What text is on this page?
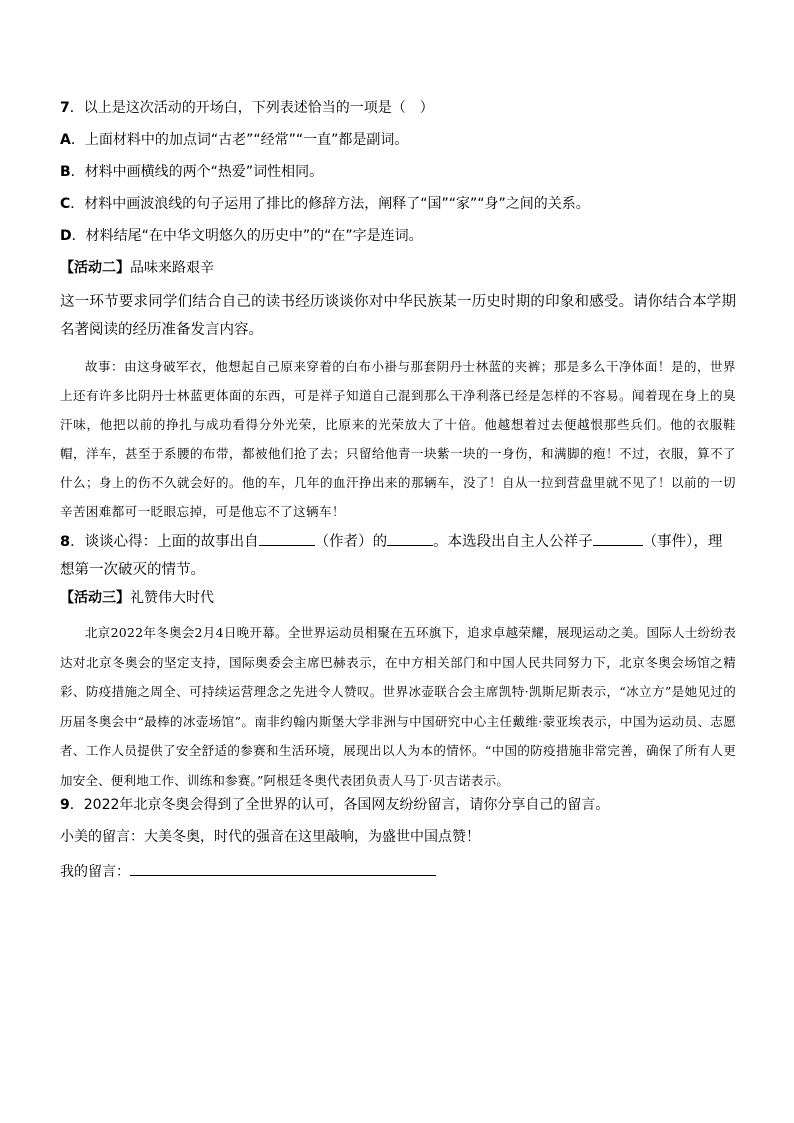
7．以上是这次活动的开场白，下列表述恰当的一项是（　）
A．上面材料中的加点词“古老”“经常”“一直”都是副词。
B．材料中画横线的两个“热爱”词性相同。
C．材料中画波浪线的句子运用了排比的修辞方法，阐释了“国”“家”“身”之间的关系。
D．材料结尾“在中华文明悠久的历史中”的“在”字是连词。
【活动二】品味来路艰辛
这一环节要求同学们结合自己的读书经历谈谈你对中华民族某一历史时期的印象和感受。请你结合本学期名著阅读的经历准备发言内容。
故事：由这身破军衣，他想起自己原来穿着的白布小褂与那套阴丹士林蓝的夹裤；那是多么干净体面！是的，世界上还有许多比阴丹士林蓝更体面的东西，可是祥子知道自己混到那么干净利落已经是怎样的不容易。闻着现在身上的臭汗味，他把以前的挣扎与成功看得分外光荣，比原来的光荣放大了十倍。他越想着过去便越恨那些兵们。他的衣服鞋帽，洋车，甚至于系腰的布带，都被他们抢了去；只留给他青一块紫一块的一身伤，和满脚的疱！不过，衣服，算不了什么；身上的伤不久就会好的。他的车，几年的血汗挣出来的那辆车，没了！自从一拉到营盘里就不见了！以前的一切辛苦困难都可一眨眼忘掉，可是他忘不了这辆车！
8．谈谈心得：上面的故事出自	（作者）的	。本选段出自主人公祥子	（事件），理想第一次破灭的情节。
【活动三】礼赞伟大时代
北京2022年冬奥会2月4日晚开幕。全世界运动员相聚在五环旗下，追求卓越荣耀，展现运动之美。国际人士纷纷表达对北京冬奥会的坚定支持，国际奥委会主席巴赫表示，在中方相关部门和中国人民共同努力下，北京冬奥会场馆之精彩、防疫措施之周全、可持续运营理念之先进令人赞叹。世界冰壶联合会主席凯特·凯斯尼斯表示，“冰立方”是她见过的历届冬奥会中“最棒的冰壶场馆”。南非约翰内斯堡大学非洲与中国研究中心主任戴维·蒙亚埃表示，中国为运动员、志愿者、工作人员提供了安全舒适的参赛和生活环境，展现出以人为本的情怀。“中国的防疫措施非常完善，确保了所有人更加安全、便利地工作、训练和参赛。”阿根廷冬奥代表团负责人马丁·贝吉诺表示。
9．2022年北京冬奥会得到了全世界的认可，各国网友纷纷留言，请你分享自己的留言。
小美的留言：大美冬奥，时代的强音在这里敲响，为盛世中国点赞！
我的留言：
